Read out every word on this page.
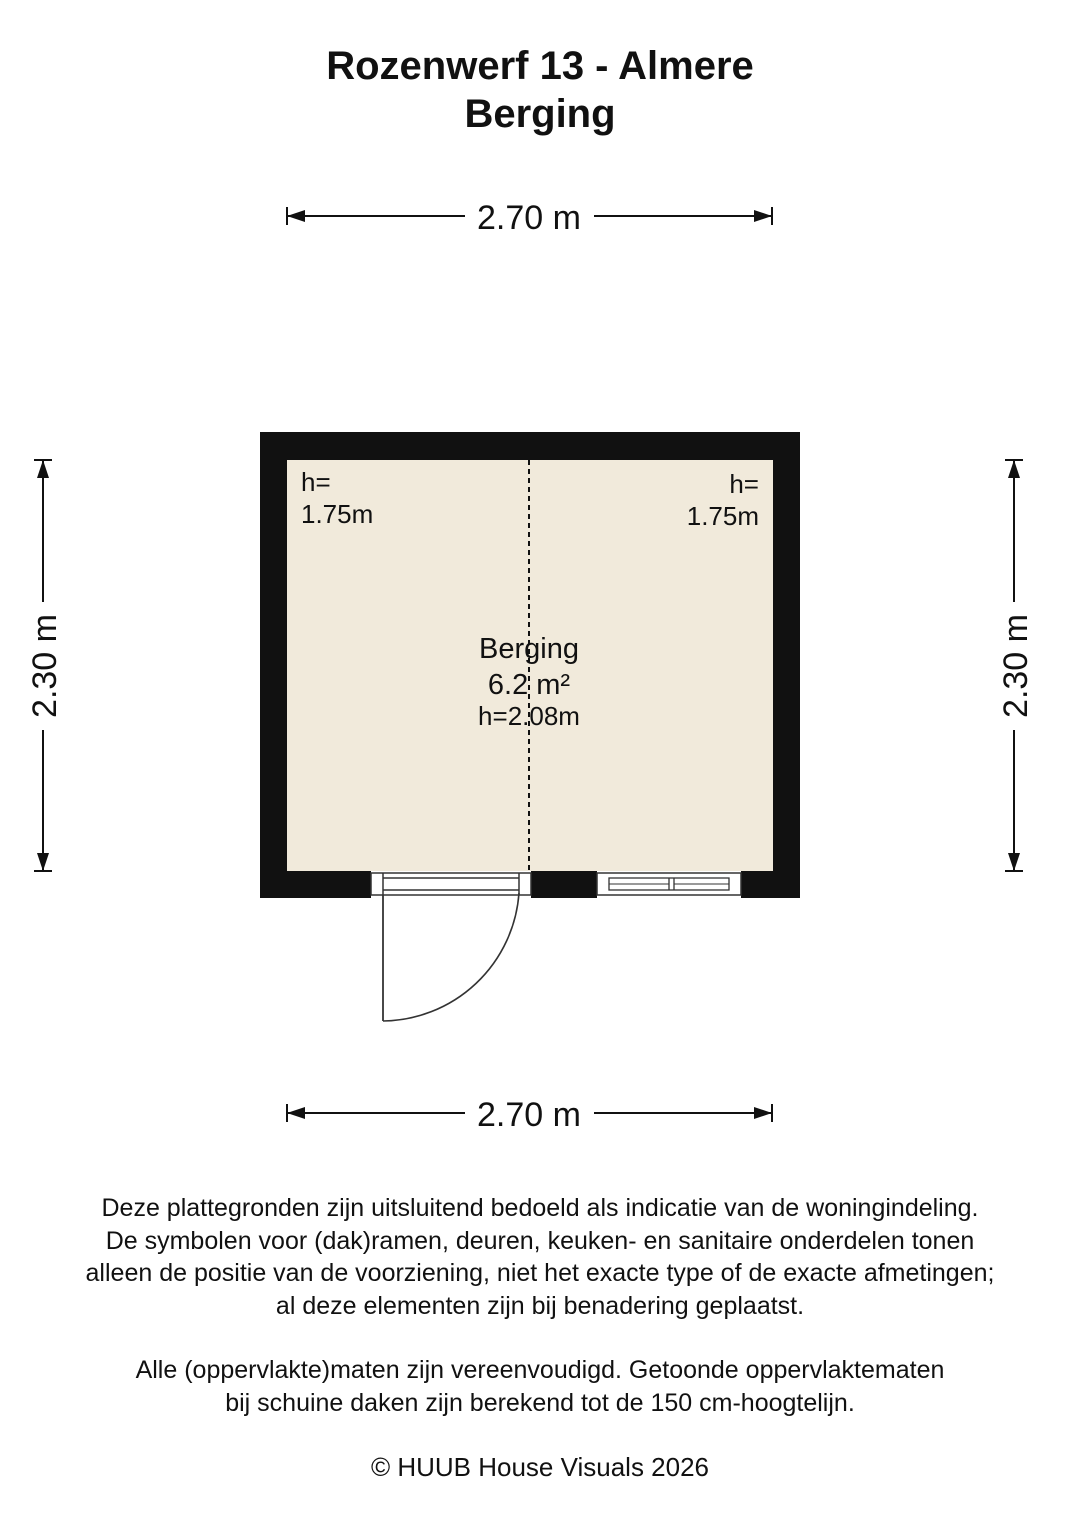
Rozenwerf 13 - Almere
Berging
2.70 m
2.70 m
2.30 m	2.30 m
h=
1.75m
h=
1.75m
Berging
6.2 m²
h=2.08m

Deze plattegronden zijn uitsluitend bedoeld als indicatie van de woningindeling.

De symbolen voor (dak)ramen, deuren, keuken- en sanitaire onderdelen tonen

alleen de positie van de voorziening, niet het exacte type of de exacte afmetingen;

al deze elementen zijn bij benadering geplaatst.

Alle (oppervlakte)maten zijn vereenvoudigd. Getoonde oppervlaktematen

bij schuine daken zijn berekend tot de 150 cm-hoogtelijn.

© HUUB House Visuals 2026
